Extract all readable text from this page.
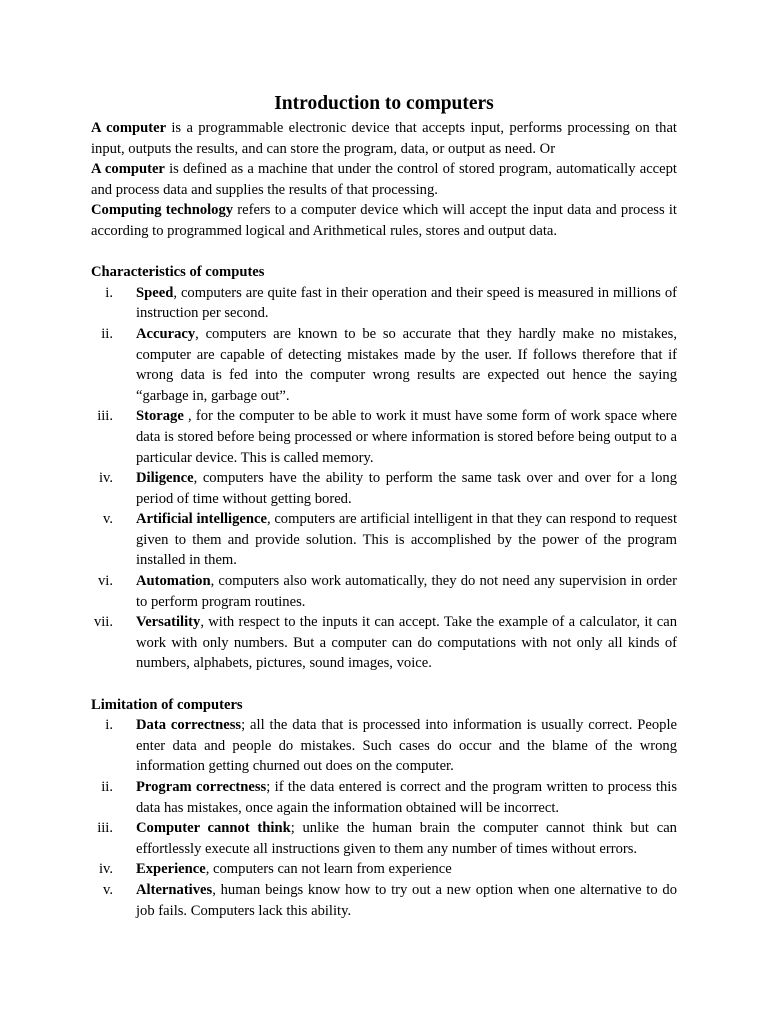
Introduction to computers

A computer is a programmable electronic device that accepts input, performs processing on that input, outputs the results, and can store the program, data, or output as need. Or

A computer is defined as a machine that under the control of stored program, automatically accept and process data and supplies the results of that processing.

Computing technology refers to a computer device which will accept the input data and process it according to programmed logical and Arithmetical rules, stores and output data.

Characteristics of computes

i. Speed, computers are quite fast in their operation and their speed is measured in millions of instruction per second.
ii. Accuracy, computers are known to be so accurate that they hardly make no mistakes, computer are capable of detecting mistakes made by the user. If follows therefore that if wrong data is fed into the computer wrong results are expected out hence the saying “garbage in, garbage out”.
iii. Storage , for the computer to be able to work it must have some form of work space where data is stored before being processed or where information is stored before being output to a particular device. This is called memory.
iv. Diligence, computers have the ability to perform the same task over and over for a long period of time without getting bored.
v. Artificial intelligence, computers are artificial intelligent in that they can respond to request given to them and provide solution. This is accomplished by the power of the program installed in them.
vi. Automation, computers also work automatically, they do not need any supervision in order to perform program routines.
vii. Versatility, with respect to the inputs it can accept. Take the example of a calculator, it can work with only numbers. But a computer can do computations with not only all kinds of numbers, alphabets, pictures, sound images, voice.

Limitation of computers

i. Data correctness; all the data that is processed into information is usually correct. People enter data and people do mistakes. Such cases do occur and the blame of the wrong information getting churned out does on the computer.
ii. Program correctness; if the data entered is correct and the program written to process this data has mistakes, once again the information obtained will be incorrect.
iii. Computer cannot think; unlike the human brain the computer cannot think but can effortlessly execute all instructions given to them any number of times without errors.
iv. Experience, computers can not learn from experience
v. Alternatives, human beings know how to try out a new option when one alternative to do job fails. Computers lack this ability.
